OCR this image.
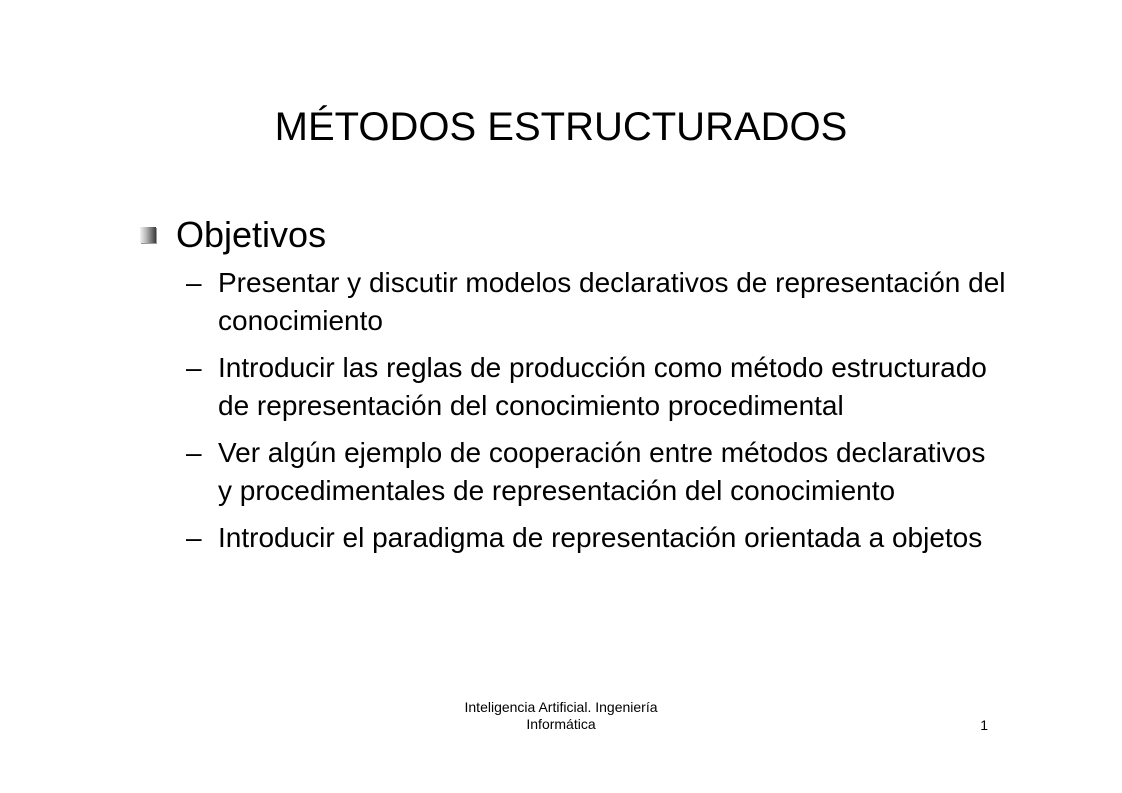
MÉTODOS ESTRUCTURADOS
Objetivos
– Presentar y discutir modelos declarativos de representación del conocimiento
– Introducir las reglas de producción como método estructurado de representación del conocimiento procedimental
– Ver algún ejemplo de cooperación entre métodos declarativos y procedimentales de representación del conocimiento
– Introducir el paradigma de representación orientada a objetos
Inteligencia Artificial. Ingeniería
Informática	1
